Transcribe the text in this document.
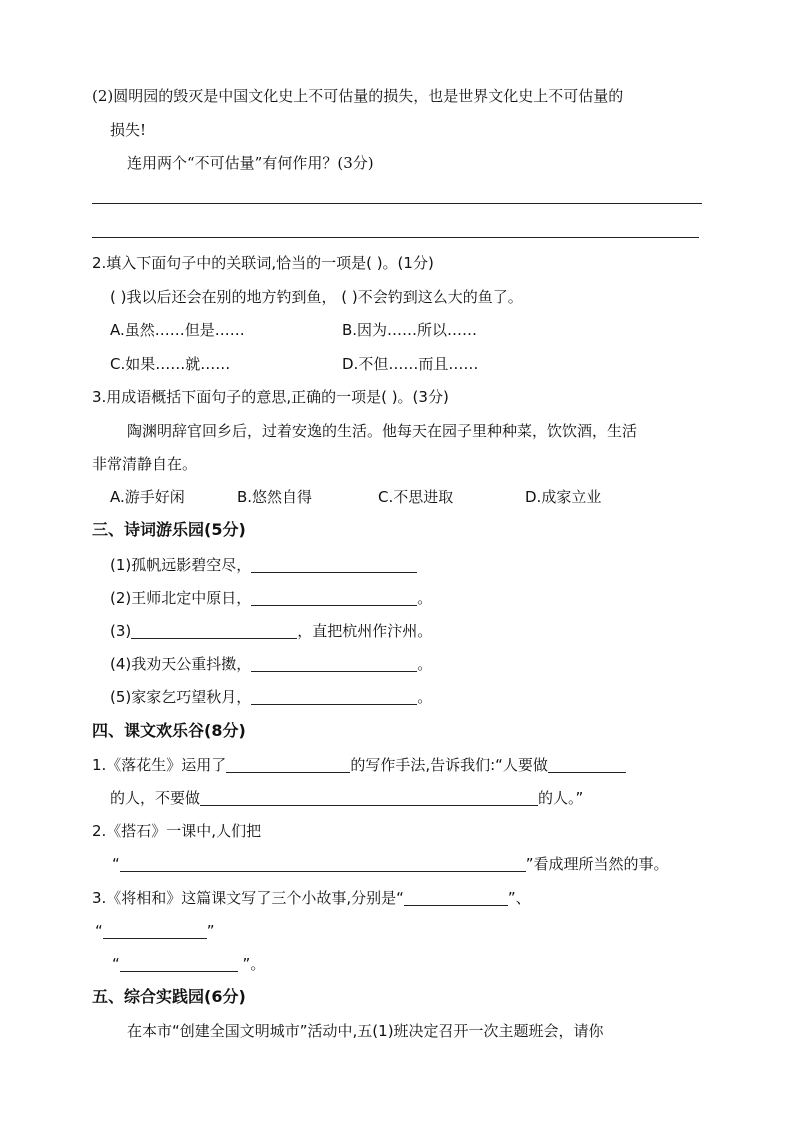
(2)圆明园的毁灭是中国文化史上不可估量的损失，也是世界文化史上不可估量的
损失!
连用两个“不可估量”有何作用？(3分)
2.填入下面句子中的关联词,恰当的一项是( )。(1分)
( )我以后还会在别的地方钓到鱼， ( )不会钓到这么大的鱼了。
A.虽然……但是……	B.因为……所以……
C.如果……就……	D.不但……而且……
3.用成语概括下面句子的意思,正确的一项是( )。(3分)
陶渊明辞官回乡后，过着安逸的生活。他每天在园子里种种菜，饮饮酒，生活
非常清静自在。
A.游手好闲	B.悠然自得	C.不思进取	D.成家立业
三、诗词游乐园(5分)
(1)孤帆远影碧空尽，
(2)王师北定中原日，	。
(3)	，直把杭州作汴州。
(4)我劝天公重抖擞，	。
(5)家家乞巧望秋月，	。
四、课文欢乐谷(8分)
1.《落花生》运用了	的写作手法,告诉我们:“人要做
的人，不要做	的人。”
2.《搭石》一课中,人们把
“	”看成理所当然的事。
3.《将相和》这篇课文写了三个小故事,分别是“	”、
“	”
“	”。
五、综合实践园(6分)
在本市“创建全国文明城市”活动中,五(1)班决定召开一次主题班会，请你
